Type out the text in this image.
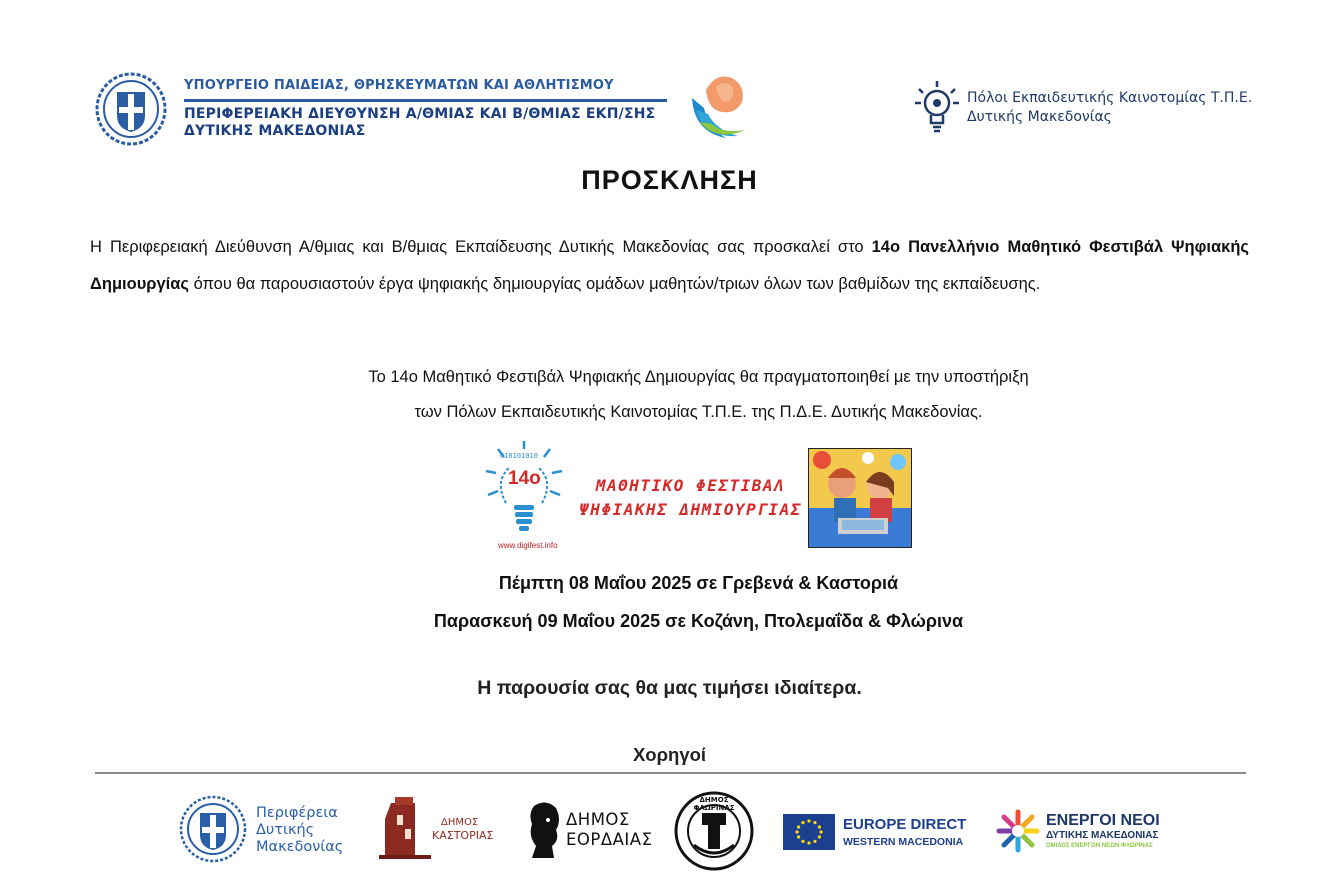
ΥΠΟΥΡΓΕΙΟ ΠΑΙΔΕΙΑΣ, ΘΡΗΣΚΕΥΜΑΤΩΝ ΚΑΙ ΑΘΛΗΤΙΣΜΟΥ
ΠΕΡΙΦΕΡΕΙΑΚΗ ΔΙΕΥΘΥΝΣΗ Α/ΘΜΙΑΣ ΚΑΙ Β/ΘΜΙΑΣ ΕΚΠ/ΣΗΣ
ΔΥΤΙΚΗΣ ΜΑΚΕΔΟΝΙΑΣ
Πόλοι Εκπαιδευτικής Καινοτομίας Τ.Π.Ε.
Δυτικής Μακεδονίας
ΠΡΟΣΚΛΗΣΗ
Η Περιφερειακή Διεύθυνση Α/θμιας και Β/θμιας Εκπαίδευσης Δυτικής Μακεδονίας σας προσκαλεί στο 14ο Πανελλήνιο Μαθητικό Φεστιβάλ Ψηφιακής Δημιουργίας όπου θα παρουσιαστούν έργα ψηφιακής δημιουργίας ομάδων μαθητών/τριων όλων των βαθμίδων της εκπαίδευσης.
Το 14ο Μαθητικό Φεστιβάλ Ψηφιακής Δημιουργίας θα πραγματοποιηθεί με την υποστήριξη
των Πόλων Εκπαιδευτικής Καινοτομίας Τ.Π.Ε. της Π.Δ.Ε. Δυτικής Μακεδονίας.
010101010
14ο
www.digifest.info
ΜΑΘΗΤΙΚΟ ΦΕΣΤΙΒΑΛ
ΨΗΦΙΑΚΗΣ ΔΗΜΙΟΥΡΓΙΑΣ
Πέμπτη 08 Μαΐου 2025 σε Γρεβενά & Καστοριά
Παρασκευή 09 Μαΐου 2025 σε Κοζάνη, Πτολεμαΐδα & Φλώρινα
Η παρουσία σας θα μας τιμήσει ιδιαίτερα.
Χορηγοί
Περιφέρεια
Δυτικής
Μακεδονίας
ΔΗΜΟΣ
ΚΑΣΤΟΡΙΑΣ
ΔΗΜΟΣ
ΕΟΡΔΑΙΑΣ
ΔΗΜΟΣ ΦΛΩΡΙΝΑΣ
EUROPE DIRECT
WESTERN MACEDONIA
ΕΝΕΡΓΟΙ ΝΕΟΙ
ΔΥΤΙΚΗΣ ΜΑΚΕΔΟΝΙΑΣ
ΟΜΙΛΟΣ ΕΝΕΡΓΩΝ ΝΕΩΝ ΦΛΩΡΙΝΑΣ
